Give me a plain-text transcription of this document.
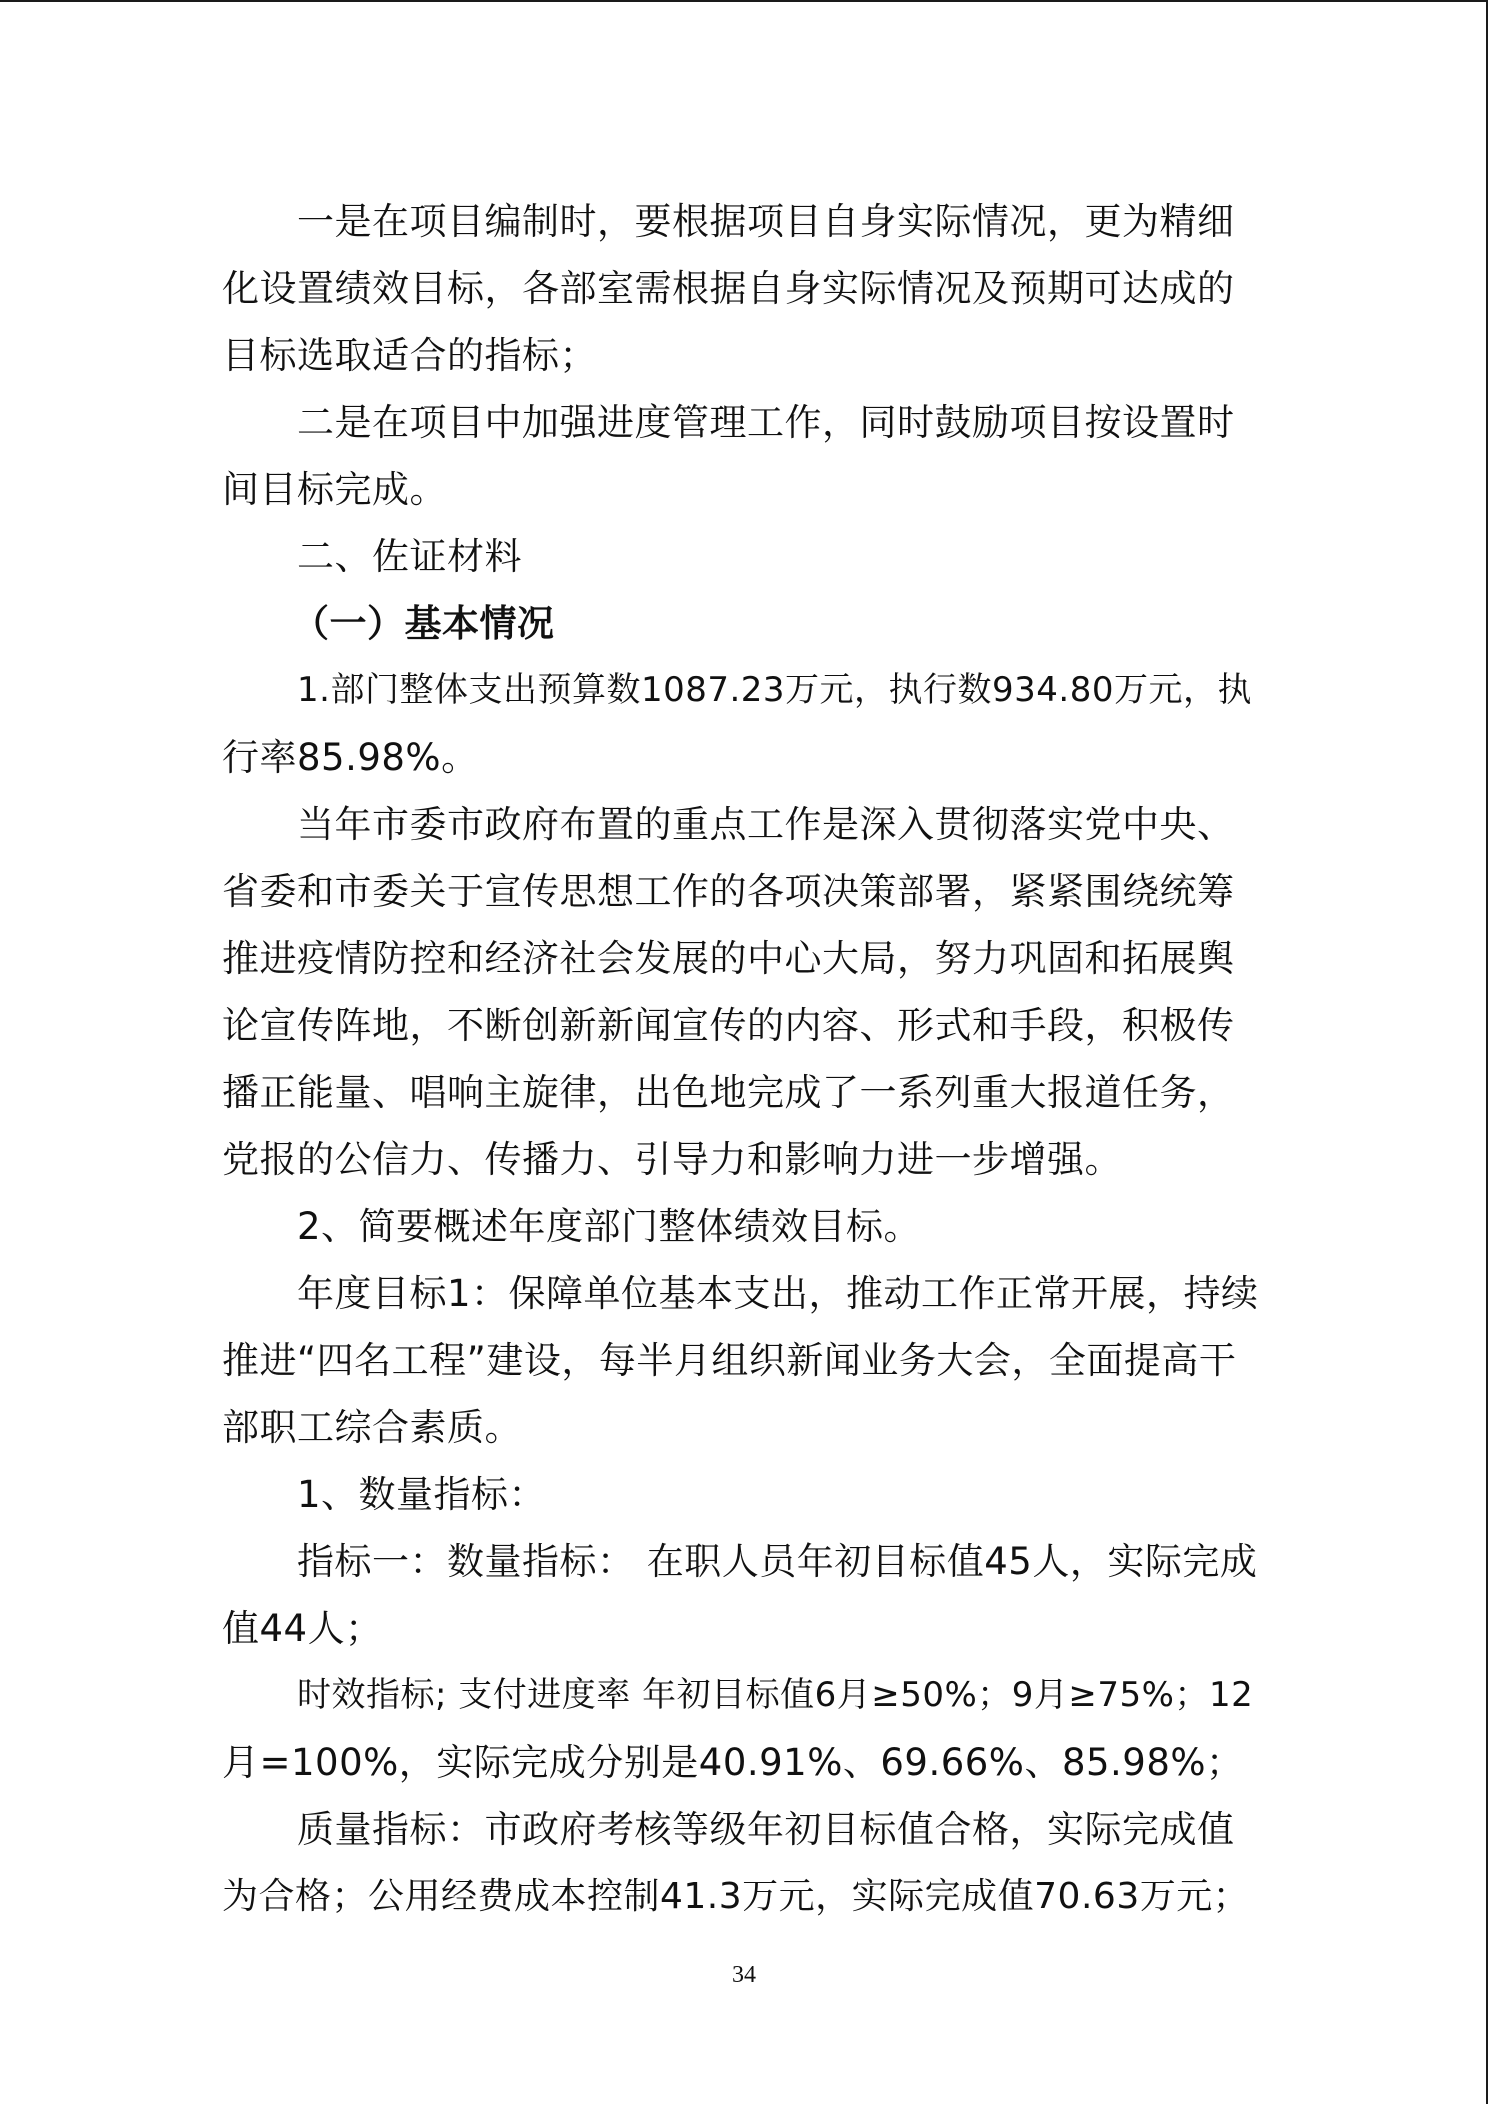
一是在项目编制时，要根据项目自身实际情况，更为精细
化设置绩效目标，各部室需根据自身实际情况及预期可达成的
目标选取适合的指标；
二是在项目中加强进度管理工作，同时鼓励项目按设置时
间目标完成。
二、佐证材料
（一）基本情况
1.部门整体支出预算数1087.23万元，执行数934.80万元，执
行率85.98%。
当年市委市政府布置的重点工作是深入贯彻落实党中央、
省委和市委关于宣传思想工作的各项决策部署，紧紧围绕统筹
推进疫情防控和经济社会发展的中心大局，努力巩固和拓展舆
论宣传阵地，不断创新新闻宣传的内容、形式和手段，积极传
播正能量、唱响主旋律，出色地完成了一系列重大报道任务，
党报的公信力、传播力、引导力和影响力进一步增强。
2、简要概述年度部门整体绩效目标。
年度目标1：保障单位基本支出，推动工作正常开展，持续
推进“四名工程”建设，每半月组织新闻业务大会，全面提高干
部职工综合素质。
1、数量指标：
指标一：数量指标： 在职人员年初目标值45人，实际完成
值44人；
时效指标; 支付进度率 年初目标值6月≥50%；9月≥75%；12
月=100%，实际完成分别是40.91%、69.66%、85.98%；
质量指标：市政府考核等级年初目标值合格，实际完成值
为合格；公用经费成本控制41.3万元，实际完成值70.63万元；
34
